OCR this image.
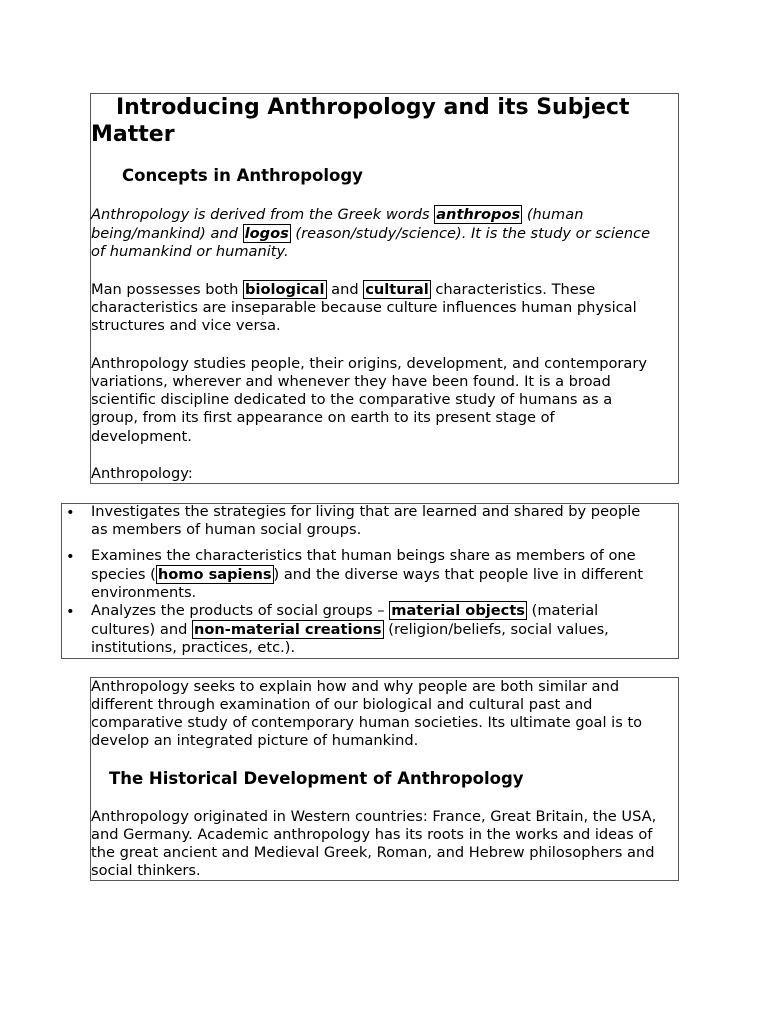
Introducing Anthropology and its Subject
Matter
Concepts in Anthropology

Anthropology is derived from the Greek words anthropos (human

being/mankind) and logos (reason/study/science). It is the study or science

of humankind or humanity.

Man possesses both biological and cultural characteristics. These

characteristics are inseparable because culture influences human physical

structures and vice versa.

Anthropology studies people, their origins, development, and contemporary

variations, wherever and whenever they have been found. It is a broad

scientific discipline dedicated to the comparative study of humans as a

group, from its first appearance on earth to its present stage of

development.

Anthropology:

• Investigates the strategies for living that are learned and shared by people

as members of human social groups.

• Examines the characteristics that human beings share as members of one

species ( homo sapiens ) and the diverse ways that people live in different

environments.

• Analyzes the products of social groups – material objects (material

cultures) and non-material creations (religion/beliefs, social values,

institutions, practices, etc.).

Anthropology seeks to explain how and why people are both similar and

different through examination of our biological and cultural past and

comparative study of contemporary human societies. Its ultimate goal is to

develop an integrated picture of humankind.

The Historical Development of Anthropology

Anthropology originated in Western countries: France, Great Britain, the USA,

and Germany. Academic anthropology has its roots in the works and ideas of

the great ancient and Medieval Greek, Roman, and Hebrew philosophers and

social thinkers.
